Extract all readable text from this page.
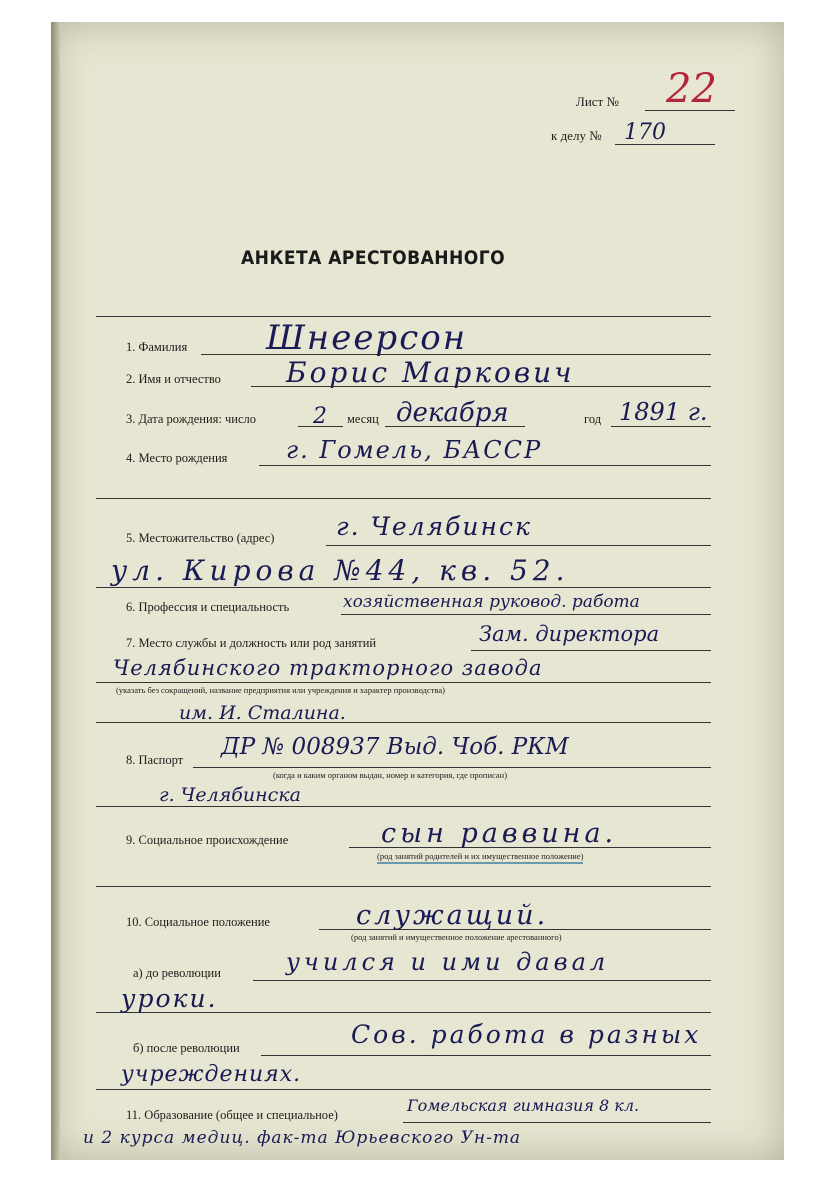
Лист № 22
к делу № 170
АНКЕТА АРЕСТОВАННОГО
1. Фамилия Шнеерсон
2. Имя и отчество Борис Маркович
3. Дата рождения: число	2 месяц декабря	год 1891 г.
4. Место рождения г. Гомель, БАССР
5. Местожительство (адрес) г. Челябинск
ул. Кирова №44, кв. 52.
6. Профессия и специальность	хозяйственная руковод. работа
7. Место службы и должность или род занятий	Зам. директора
Челябинского тракторного завода
(указать без сокращений, название предприятия или учреждения и характер производства)
им. И. Сталина.
8. Паспорт ДР № 008937 Выд. Чоб. РКМ
(когда и каким органом выдан, номер и категория, где прописан)
г. Челябинска
9. Социальное происхождение	сын раввина.
(род занятий родителей и их имущественное положение)
10. Социальное положение	служащий.
(род занятий и имущественное положение арестованного)
а) до революции	учился и ими давал
уроки.
б) после революции	Сов. работа в разных
учреждениях.
11. Образование (общее и специальное)	Гомельская гимназия 8 кл.
и 2 курса медиц. фак-та Юрьевского Ун-та
